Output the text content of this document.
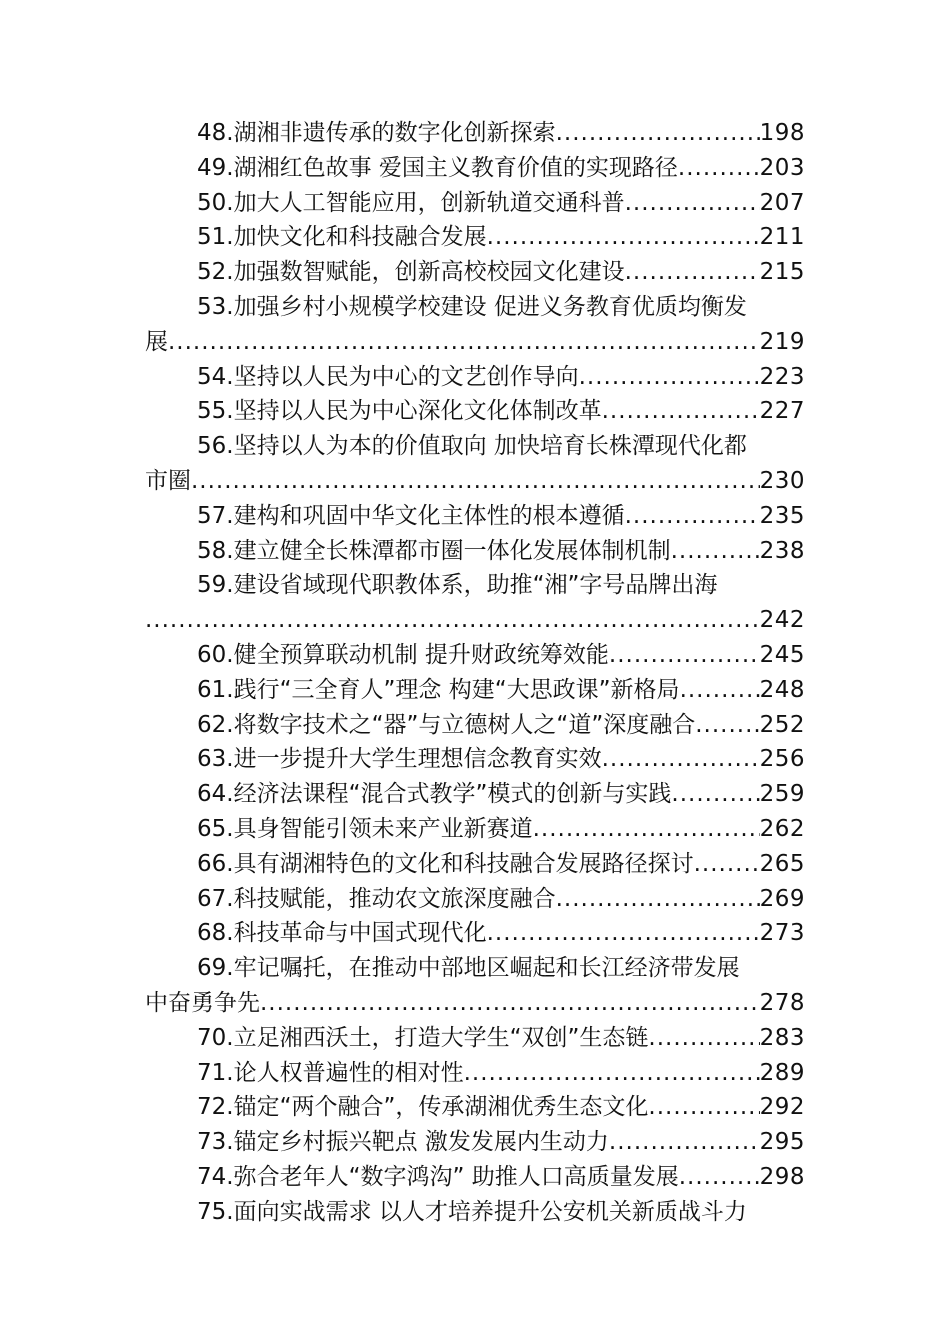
48.湖湘非遗传承的数字化创新探索 .....	198
49.湖湘红色故事 爱国主义教育价值的实现路径 .....	203
50.加大人工智能应用，创新轨道交通科普 .....	207
51.加快文化和科技融合发展 .....	211
52.加强数智赋能，创新高校校园文化建设 .....	215
53.加强乡村小规模学校建设 促进义务教育优质均衡发
展 .....	219
54.坚持以人民为中心的文艺创作导向 .....	223
55.坚持以人民为中心深化文化体制改革 .....	227
56.坚持以人为本的价值取向 加快培育长株潭现代化都
市圈 .....	230
57.建构和巩固中华文化主体性的根本遵循 .....	235
58.建立健全长株潭都市圈一体化发展体制机制 .....	238
59.建设省域现代职教体系，助推“湘”字号品牌出海
.....
242
60.健全预算联动机制 提升财政统筹效能 .....	245
61.践行“三全育人”理念 构建“大思政课”新格局 .....	248
62.将数字技术之“器”与立德树人之“道”深度融合 .....	252
63.进一步提升大学生理想信念教育实效 .....	256
64.经济法课程“混合式教学”模式的创新与实践 .....	259
65.具身智能引领未来产业新赛道 .....	262
66.具有湖湘特色的文化和科技融合发展路径探讨 .....	265
67.科技赋能，推动农文旅深度融合 .....	269
68.科技革命与中国式现代化 .....	273
69.牢记嘱托，在推动中部地区崛起和长江经济带发展
中奋勇争先 .....	278
70.立足湘西沃土，打造大学生“双创”生态链 .....	283
71.论人权普遍性的相对性 .....	289
72.锚定“两个融合”，传承湖湘优秀生态文化 .....	292
73.锚定乡村振兴靶点 激发发展内生动力 .....	295
74.弥合老年人“数字鸿沟” 助推人口高质量发展 .....	298
75.面向实战需求 以人才培养提升公安机关新质战斗力
